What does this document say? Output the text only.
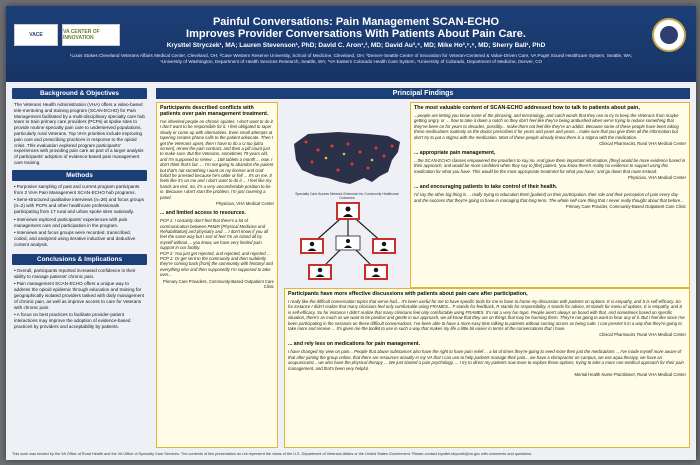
VACE	VA CENTER OF INNOVATION
Painful Conversations: Pain Management SCAN-ECHO
Improves Provider Conversations With Patients About Pain Care.
Krysttel Stryczek¹, MA; Lauren Stevenson¹, PhD; David C. Aron¹,², MD; David Au³,⁴, MD; Mike Ho³,⁵,⁶, MD; Sherry Ball¹, PhD
¹Louis Stokes Cleveland Veterans Affairs Medical Center, Cleveland, OH; ²Case Western Reserve University, School of Medicine, Cleveland, OH; ³Denver-Seattle Center of Innovation for Veteran-Centered & Value-Driven Care, VA Puget Sound Healthcare System, Seattle, WA; ⁴University of Washington, Department of Health Services Research, Seattle, WA; ⁵VA Eastern Colorado Health Care System, ⁶University of Colorado, Department of Medicine, Denver, CO
Background & Objectives
The Veterans Health Administration (VHA) offers a video-based tele-mentoring and training program (SCAN-ECHO) for Pain Management facilitated by a multi-disciplinary specialty care hub team to train primary care providers (PCPs) at spoke sites to provide routine specialty pain care to underserved populations, particularly rural Veterans. Top VHA priorities include improving pain care and prescribing practices in response to the opioid crisis. This evaluation explored program participants' experiences with providing pain care as part of a larger analysis of participants' adoption of evidence-based pain management care training.
Methods
• Purposive sampling of past and current program participants from 2 VHA Pain Management SCAN-ECHO hub programs.
• Semi-structured qualitative interviews (n=26) and focus groups (n=2) with PCPs and other healthcare professionals participating from 17 rural and urban spoke sites nationally.
• Interviews explored participants' experiences with pain management care and participation in the program.
• Interviews and focus groups were recorded, transcribed, coded, and analyzed using iterative inductive and deductive content analysis.
Conclusions & Implications
• Overall, participants reported increased confidence in their ability to manage patients' chronic pain.
• Pain management SCAN-ECHO offers a unique way to address the opioid epidemic through education and training for geographically isolated providers tasked with daily management of chronic pain, as well as improve access to care for Veterans with chronic pain.
• A focus on best practices to facilitate provider-patient interactions may improve the adoption of evidence-based practices by providers and acceptability by patients.
Principal Findings
Participants described conflicts with patients over pain management treatment.
I've inherited people on chronic opiates. I don't want to do it. I don't want to be responsible for it. I feel obligated to taper slowly or come up with alternatives. Even small attempts at tapering creates phone calls to the patient advocate. Then I get the Veterans upset, then I have to do a U too [ultra screen], renew the pain contract, and then a pill count just to make sure. But the Veterans, sometimes 79 years old, and I'm supposed to renew ... 168 tablets a month ... now. I don't think that's fair. ... I'm not going to abandon the patient but that's not something I want on my license and God forbid he arrested because he's older or fell ... It's on me. It feels like it's on me and I don't want to do it ... I feel like my hands are tied. So, it's a very uncomfortable position to be in. Because I don't start the problem, I'm just covering a panel.
Physician, VHA Medical Center
... and limited access to resources.
PCP 1: I certainly don't feel that there's a lot of communication between PM&R [Physical Medicine and Rehabilitation] and physiatry and ... I don't know if you all feel the same way but I sort of feel I'm an island all by myself without ... you know, we have very limited pain support in our facility.
PCP 2: You just get rejected, and rejected, and rejected ...
PCP 1: Or get sent to the community and then suddenly they're coming back [from] the community with fentanyl and everything else and then supposedly I'm supposed to take over...
Primary Care Providers, Community-Based Outpatient Care Clinic
Specialty Care Access Network-Extension for Community Healthcare Outcomes
The most valuable content of SCAN-ECHO addressed how to talk to patients about pain,
...people are letting you know some of the phrasing, and terminology, and catch words that they use to try to keep the Veterans from maybe getting angry, or ... how to take it down a notch so they don't feel like they're being ambushed when we're trying to reduce something that they've been on for years to decades, possibly... make them not feel like they're an addict. Because some of these people have been taking these medications routinely as the doctor prescribes it for years and years and years... make sure that you give them all the information but don't try to put a stigma with the medication. Most of these people already know there is a stigma with the medication.
Clinical Pharmacist, Rural VHA Medical Center
... appropriate pain management,
...the SCAN-ECHO classes empowered the providers to say no. And gave them important information, [they] would be more evidence based in their approach, and would be more confident when they say to [the] patient, 'you know there's reality no evidence to support using this medication for what you have. This would be the most appropriate treatment for what you have,' and go down that route instead.
Physician, VHA Medical Center
... and encouraging patients to take control of their health.
I'd say the other big thing is ... really trying to education them [patient] on their participation, their role and their perception of pain every day and the success that they're going to have in managing that long term. The whole self-care thing that I never really thought about that before...
Primary Care Provider, Community-Based Outpatient Care Clinic
Participants have more effective discussions with patients about pain care after participation,
I really like the difficult conversation topics that we've had... It's been useful for me to have specific tools for me to have to frame my discussion with patients on options. E is empathy, and S is self-efficacy. So for instance I didn't realize that many clinicians feel only comfortable using FRAMES... F stands for feedback, R stands for responsibility, A stands for advice, M stands for menu of options, E is empathy, and S is self-efficacy. So for instance I didn't realize that many clinicians feel only comfortable using FRAMES. It's not a very fun topic. People aren't always on board with that. And sometimes based on specific situation, there's as much as we want to be positive and gentle in our approach, we all know that they are on things that may be harming them. They're not going to want to hear any of it. But I feel like since I've been participating in the sessions on these difficult conversations, I've been able to have a more easy time talking to patients without coming across as being rude. I can present it in a way that they're going to take more and receive ... It's given me the toolkit to use in such a way that makes my life a little bit easier in terms of the conversations that I have.
Clinical Pharmacist, Rural VHA Medical Center
... and rely less on medications for pain management.
I have changed my view on pain... People that abuse substances also have the right to have pain relief ... a lot of times they're going to need more then just the medications ... I've made myself more aware of that after joining the group online, that there are resources actually in my VA that I can use to help patients manage their pain... we have a chiropractor on campus, we use aqua therapy, we have an acupuncturist... we also have the physical therapy ... We just started a pain psychology. ... I try to direct my patients now more to explore those options, trying to take a more non-medical approach for their pain management, and that's been very helpful.
Mental Health Nurse Practitioner, Rural VHA Medical Center
This work was funded by the VA Office of Rural Health and the VA Office of Specialty Care Services. The contents of this presentation do not represent the views of the U.S. Department of Veterans Affairs or the United States Government. Please contact krysttel.stryczek@va.gov with comments and questions.
